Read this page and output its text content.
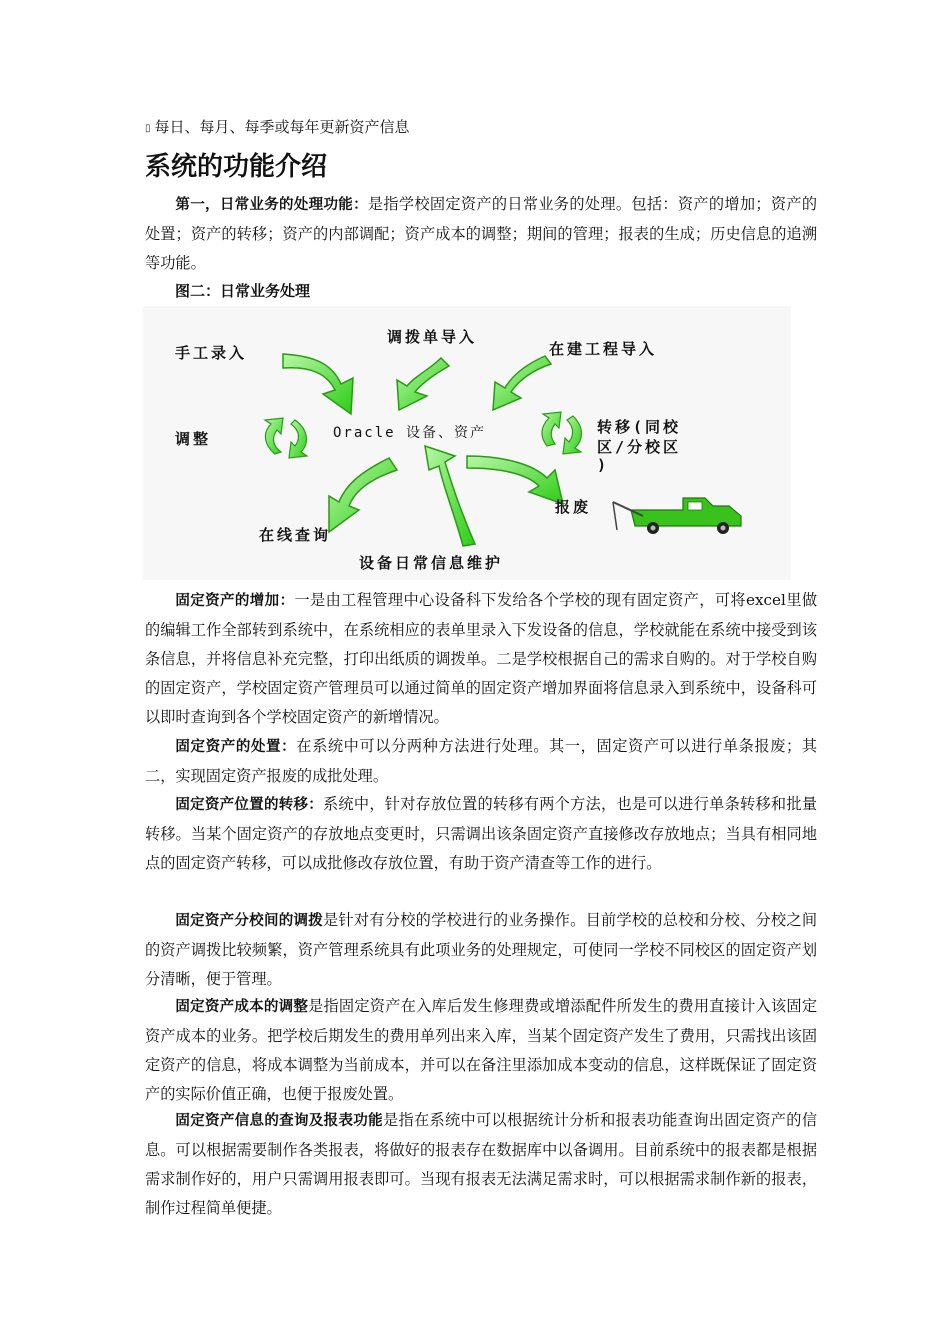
▯ 每日、每月、每季或每年更新资产信息
系统的功能介绍

第一，日常业务的处理功能：是指学校固定资产的日常业务的处理。包括：资产的增加；资产的处置；资产的转移；资产的内部调配；资产成本的调整；期间的管理；报表的生成；历史信息的追溯等功能。

图二：日常业务处理
手工录入
调拨单导入
在建工程导入
调整	Oracle 设备、资产	转移(同校
区/分校区
)
报废
在线查询
设备日常信息维护

固定资产的增加：一是由工程管理中心设备科下发给各个学校的现有固定资产，可将excel里做的编辑工作全部转到系统中，在系统相应的表单里录入下发设备的信息，学校就能在系统中接受到该条信息，并将信息补充完整，打印出纸质的调拨单。二是学校根据自己的需求自购的。对于学校自购的固定资产，学校固定资产管理员可以通过简单的固定资产增加界面将信息录入到系统中，设备科可以即时查询到各个学校固定资产的新增情况。

固定资产的处置：在系统中可以分两种方法进行处理。其一，固定资产可以进行单条报废；其二，实现固定资产报废的成批处理。

固定资产位置的转移：系统中，针对存放位置的转移有两个方法，也是可以进行单条转移和批量转移。当某个固定资产的存放地点变更时，只需调出该条固定资产直接修改存放地点；当具有相同地点的固定资产转移，可以成批修改存放位置，有助于资产清查等工作的进行。

固定资产分校间的调拨是针对有分校的学校进行的业务操作。目前学校的总校和分校、分校之间的资产调拨比较频繁，资产管理系统具有此项业务的处理规定，可使同一学校不同校区的固定资产划分清晰，便于管理。

固定资产成本的调整是指固定资产在入库后发生修理费或增添配件所发生的费用直接计入该固定资产成本的业务。把学校后期发生的费用单列出来入库，当某个固定资产发生了费用，只需找出该固定资产的信息，将成本调整为当前成本，并可以在备注里添加成本变动的信息，这样既保证了固定资产的实际价值正确，也便于报废处置。

固定资产信息的查询及报表功能是指在系统中可以根据统计分析和报表功能查询出固定资产的信息。可以根据需要制作各类报表，将做好的报表存在数据库中以备调用。目前系统中的报表都是根据需求制作好的，用户只需调用报表即可。当现有报表无法满足需求时，可以根据需求制作新的报表，制作过程简单便捷。
